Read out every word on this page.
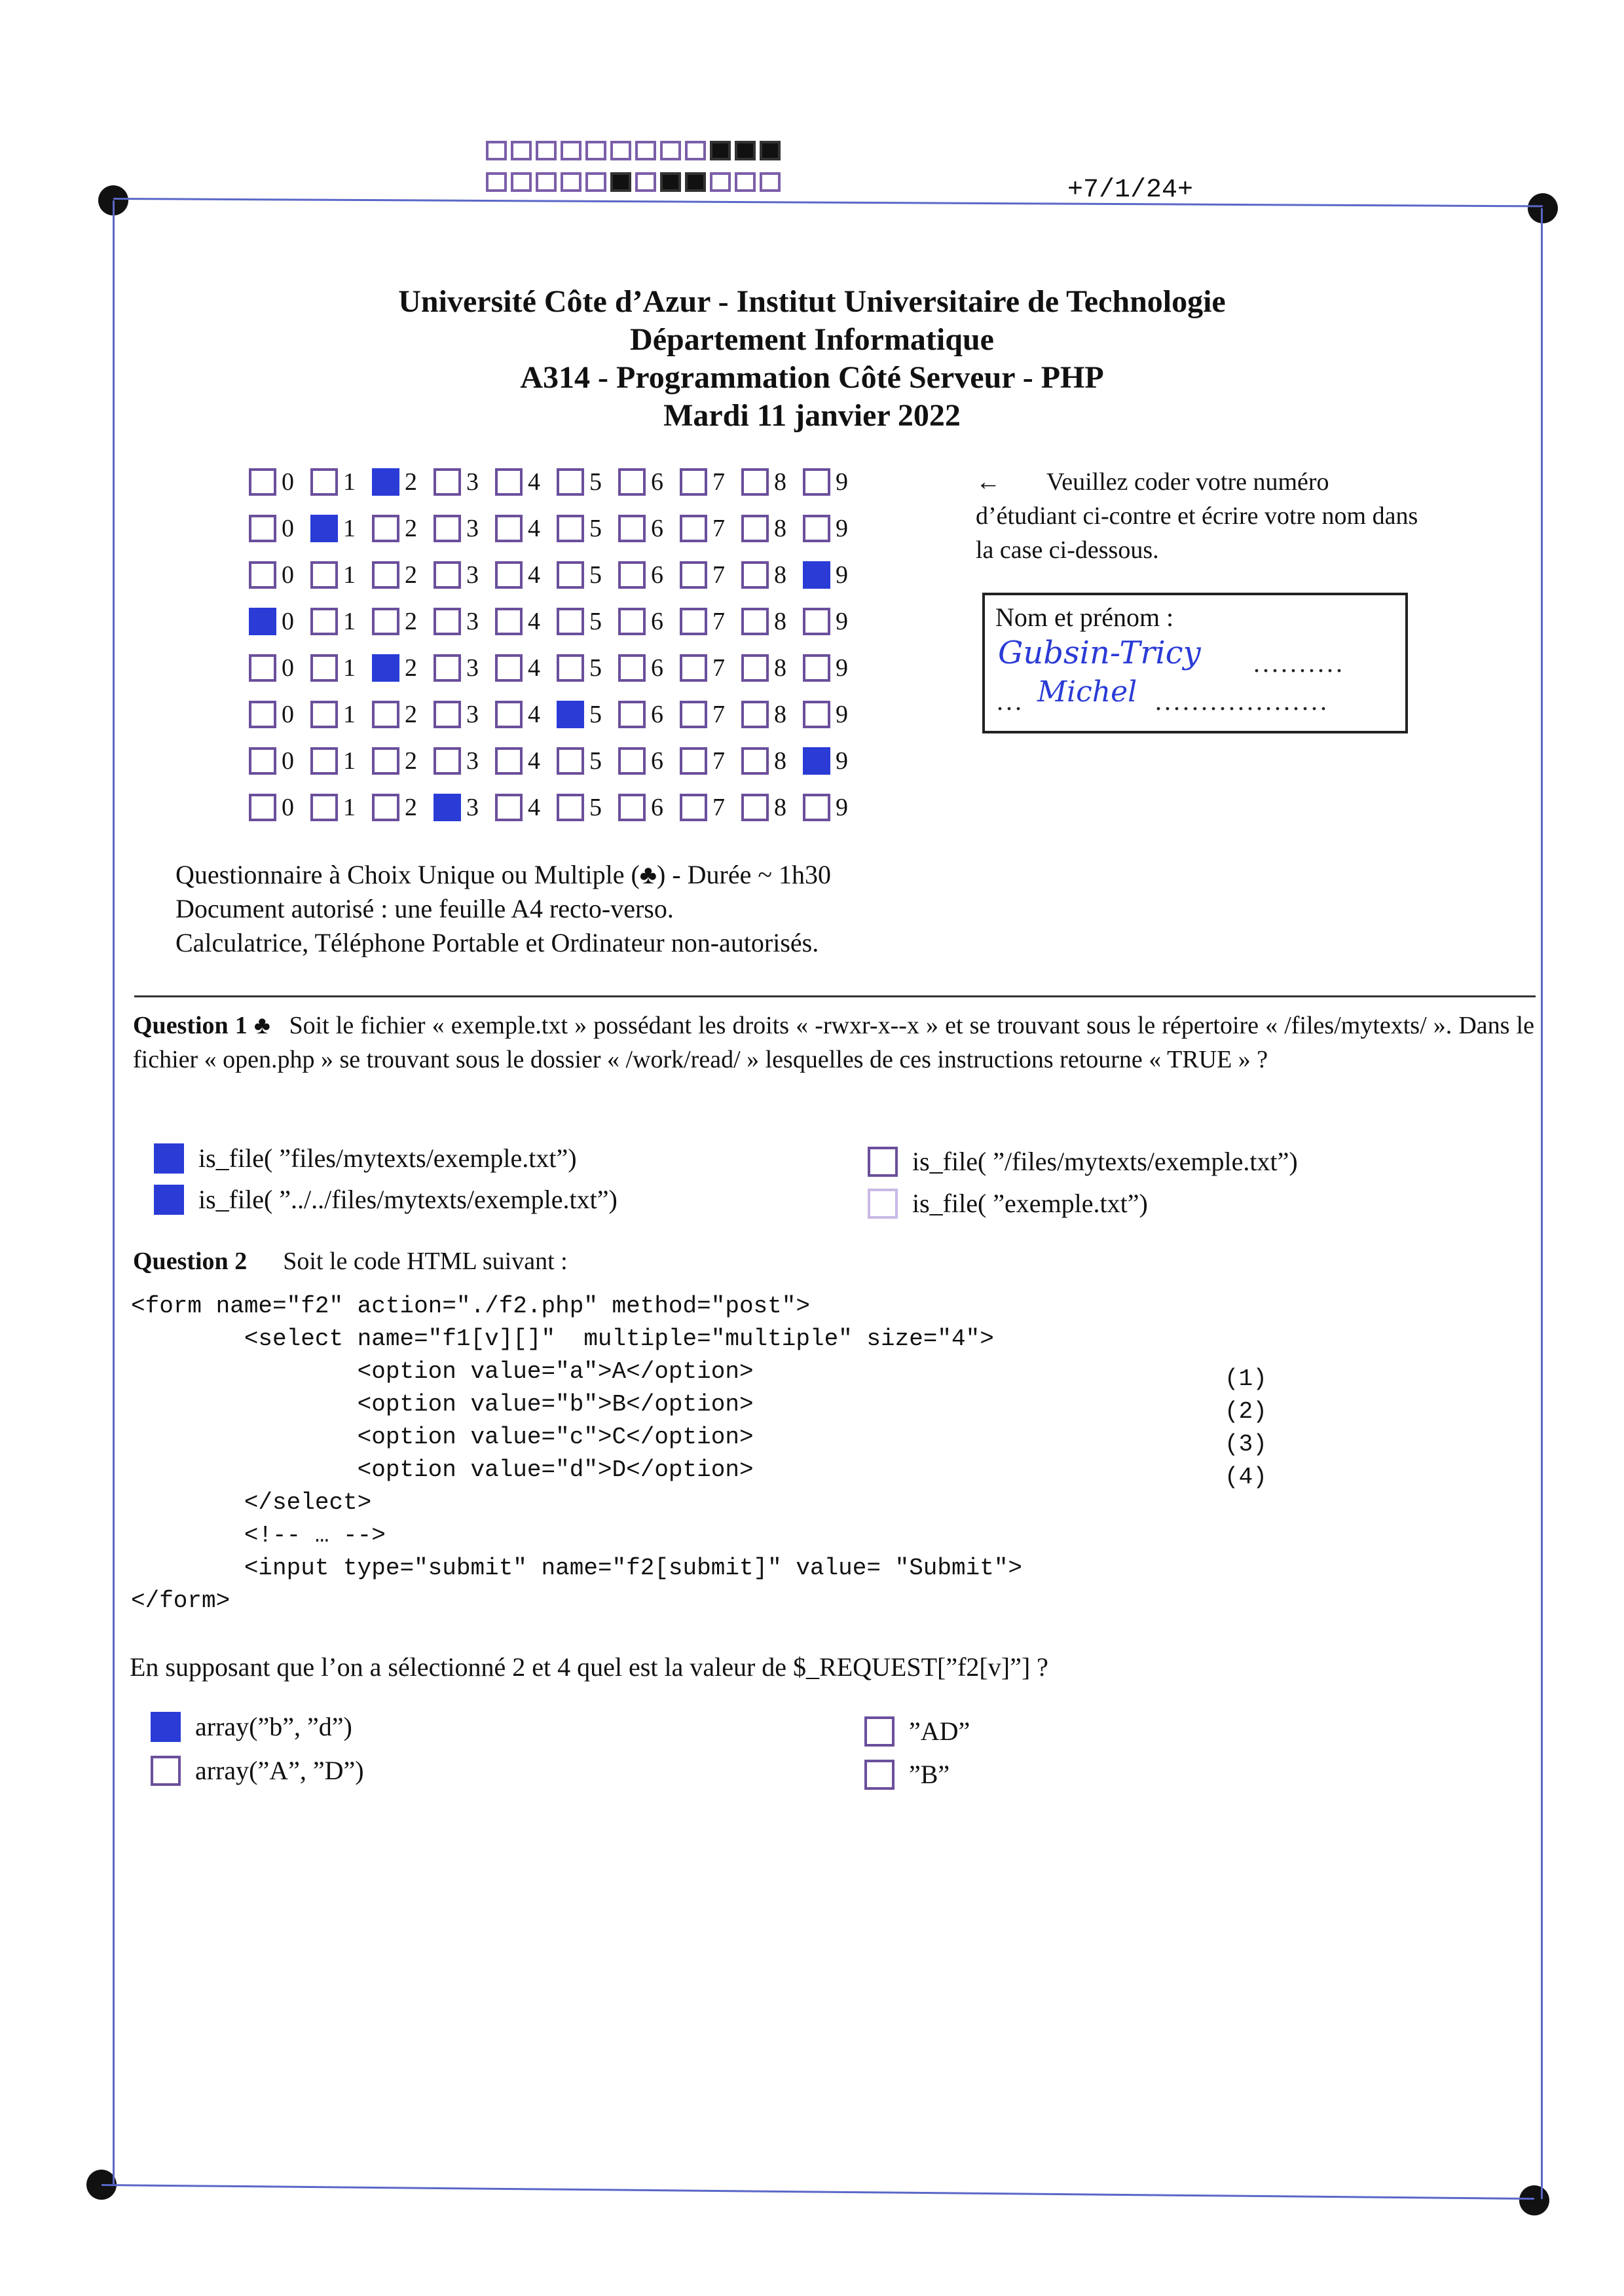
+7/1/24+
Université Côte d’Azur - Institut Universitaire de Technologie
Département Informatique
A314 - Programmation Côté Serveur - PHP
Mardi 11 janvier 2022
0 1 2 3 4 5 6 7 8 9
0 1 2 3 4 5 6 7 8 9
0 1 2 3 4 5 6 7 8 9
0 1 2 3 4 5 6 7 8 9
0 1 2 3 4 5 6 7 8 9
0 1 2 3 4 5 6 7 8 9
0 1 2 3 4 5 6 7 8 9
0 1 2 3 4 5 6 7 8 9
← Veuillez coder votre numéro d’étudiant ci-contre et écrire votre nom dans la case ci-dessous.
Nom et prénom :
Gubsin-Tricy ..........
... Michel ...................
Questionnaire à Choix Unique ou Multiple (♣) - Durée ~ 1h30
Document autorisé : une feuille A4 recto-verso.
Calculatrice, Téléphone Portable et Ordinateur non-autorisés.
Question 1 ♣ Soit le fichier « exemple.txt » possédant les droits « -rwxr-x--x » et se trouvant sous le répertoire « /files/mytexts/ ». Dans le fichier « open.php » se trouvant sous le dossier « /work/read/ » lesquelles de ces instructions retourne « TRUE » ?
is_file( ”files/mytexts/exemple.txt”)
is_file( ”../../files/mytexts/exemple.txt”)
is_file( ”/files/mytexts/exemple.txt”)
is_file( ”exemple.txt”)
Question 2 Soit le code HTML suivant :
<form name="f2" action="./f2.php" method="post">
<select name="f1[v][]"  multiple="multiple" size="4">
<option value="a">A</option>
<option value="b">B</option>
<option value="c">C</option>
<option value="d">D</option>
</select>
<!-- … -->
<input type="submit" name="f2[submit]" value= "Submit">
</form>
(1)
(2)
(3)
(4)
En supposant que l’on a sélectionné 2 et 4 quel est la valeur de $_REQUEST[”f2[v]”] ?
array(”b”, ”d”)
array(”A”, ”D”)
”AD”
”B”
